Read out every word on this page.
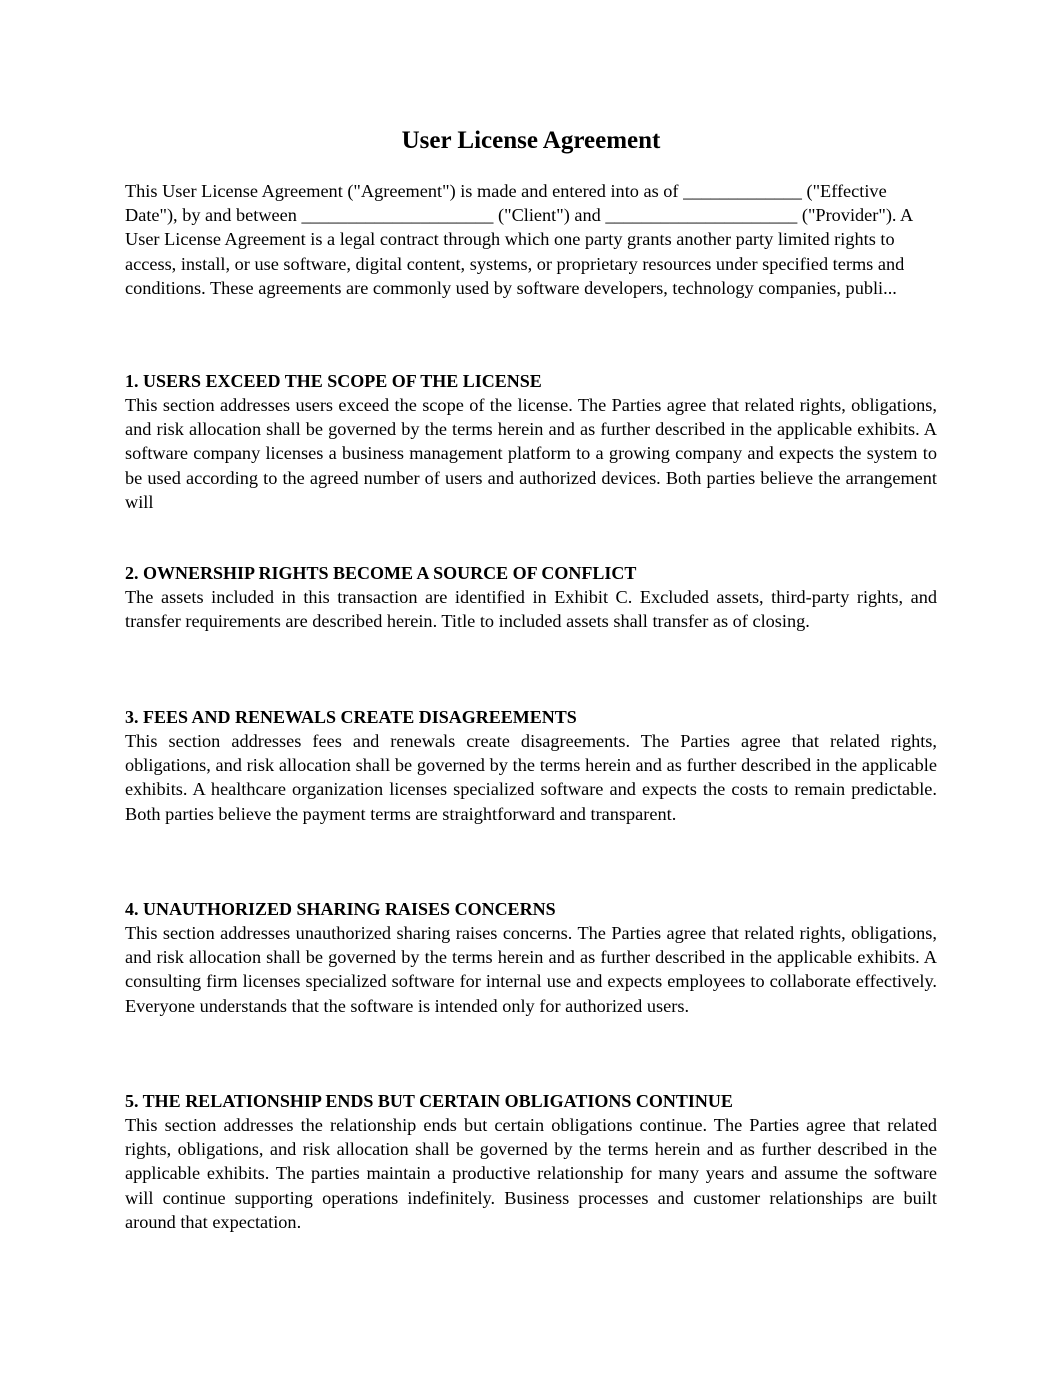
User License Agreement

This User License Agreement ("Agreement") is made and entered into as of _____________ ("Effective Date"), by and between _____________________ ("Client") and _____________________ ("Provider"). A User License Agreement is a legal contract through which one party grants another party limited rights to access, install, or use software, digital content, systems, or proprietary resources under specified terms and conditions. These agreements are commonly used by software developers, technology companies, publi...

1. USERS EXCEED THE SCOPE OF THE LICENSE

This section addresses users exceed the scope of the license. The Parties agree that related rights, obligations, and risk allocation shall be governed by the terms herein and as further described in the applicable exhibits. A software company licenses a business management platform to a growing company and expects the system to be used according to the agreed number of users and authorized devices. Both parties believe the arrangement will

2. OWNERSHIP RIGHTS BECOME A SOURCE OF CONFLICT

The assets included in this transaction are identified in Exhibit C. Excluded assets, third-party rights, and transfer requirements are described herein. Title to included assets shall transfer as of closing.

3. FEES AND RENEWALS CREATE DISAGREEMENTS

This section addresses fees and renewals create disagreements. The Parties agree that related rights, obligations, and risk allocation shall be governed by the terms herein and as further described in the applicable exhibits. A healthcare organization licenses specialized software and expects the costs to remain predictable. Both parties believe the payment terms are straightforward and transparent.

4. UNAUTHORIZED SHARING RAISES CONCERNS

This section addresses unauthorized sharing raises concerns. The Parties agree that related rights, obligations, and risk allocation shall be governed by the terms herein and as further described in the applicable exhibits. A consulting firm licenses specialized software for internal use and expects employees to collaborate effectively. Everyone understands that the software is intended only for authorized users.

5. THE RELATIONSHIP ENDS BUT CERTAIN OBLIGATIONS CONTINUE

This section addresses the relationship ends but certain obligations continue. The Parties agree that related rights, obligations, and risk allocation shall be governed by the terms herein and as further described in the applicable exhibits. The parties maintain a productive relationship for many years and assume the software will continue supporting operations indefinitely. Business processes and customer relationships are built around that expectation.
